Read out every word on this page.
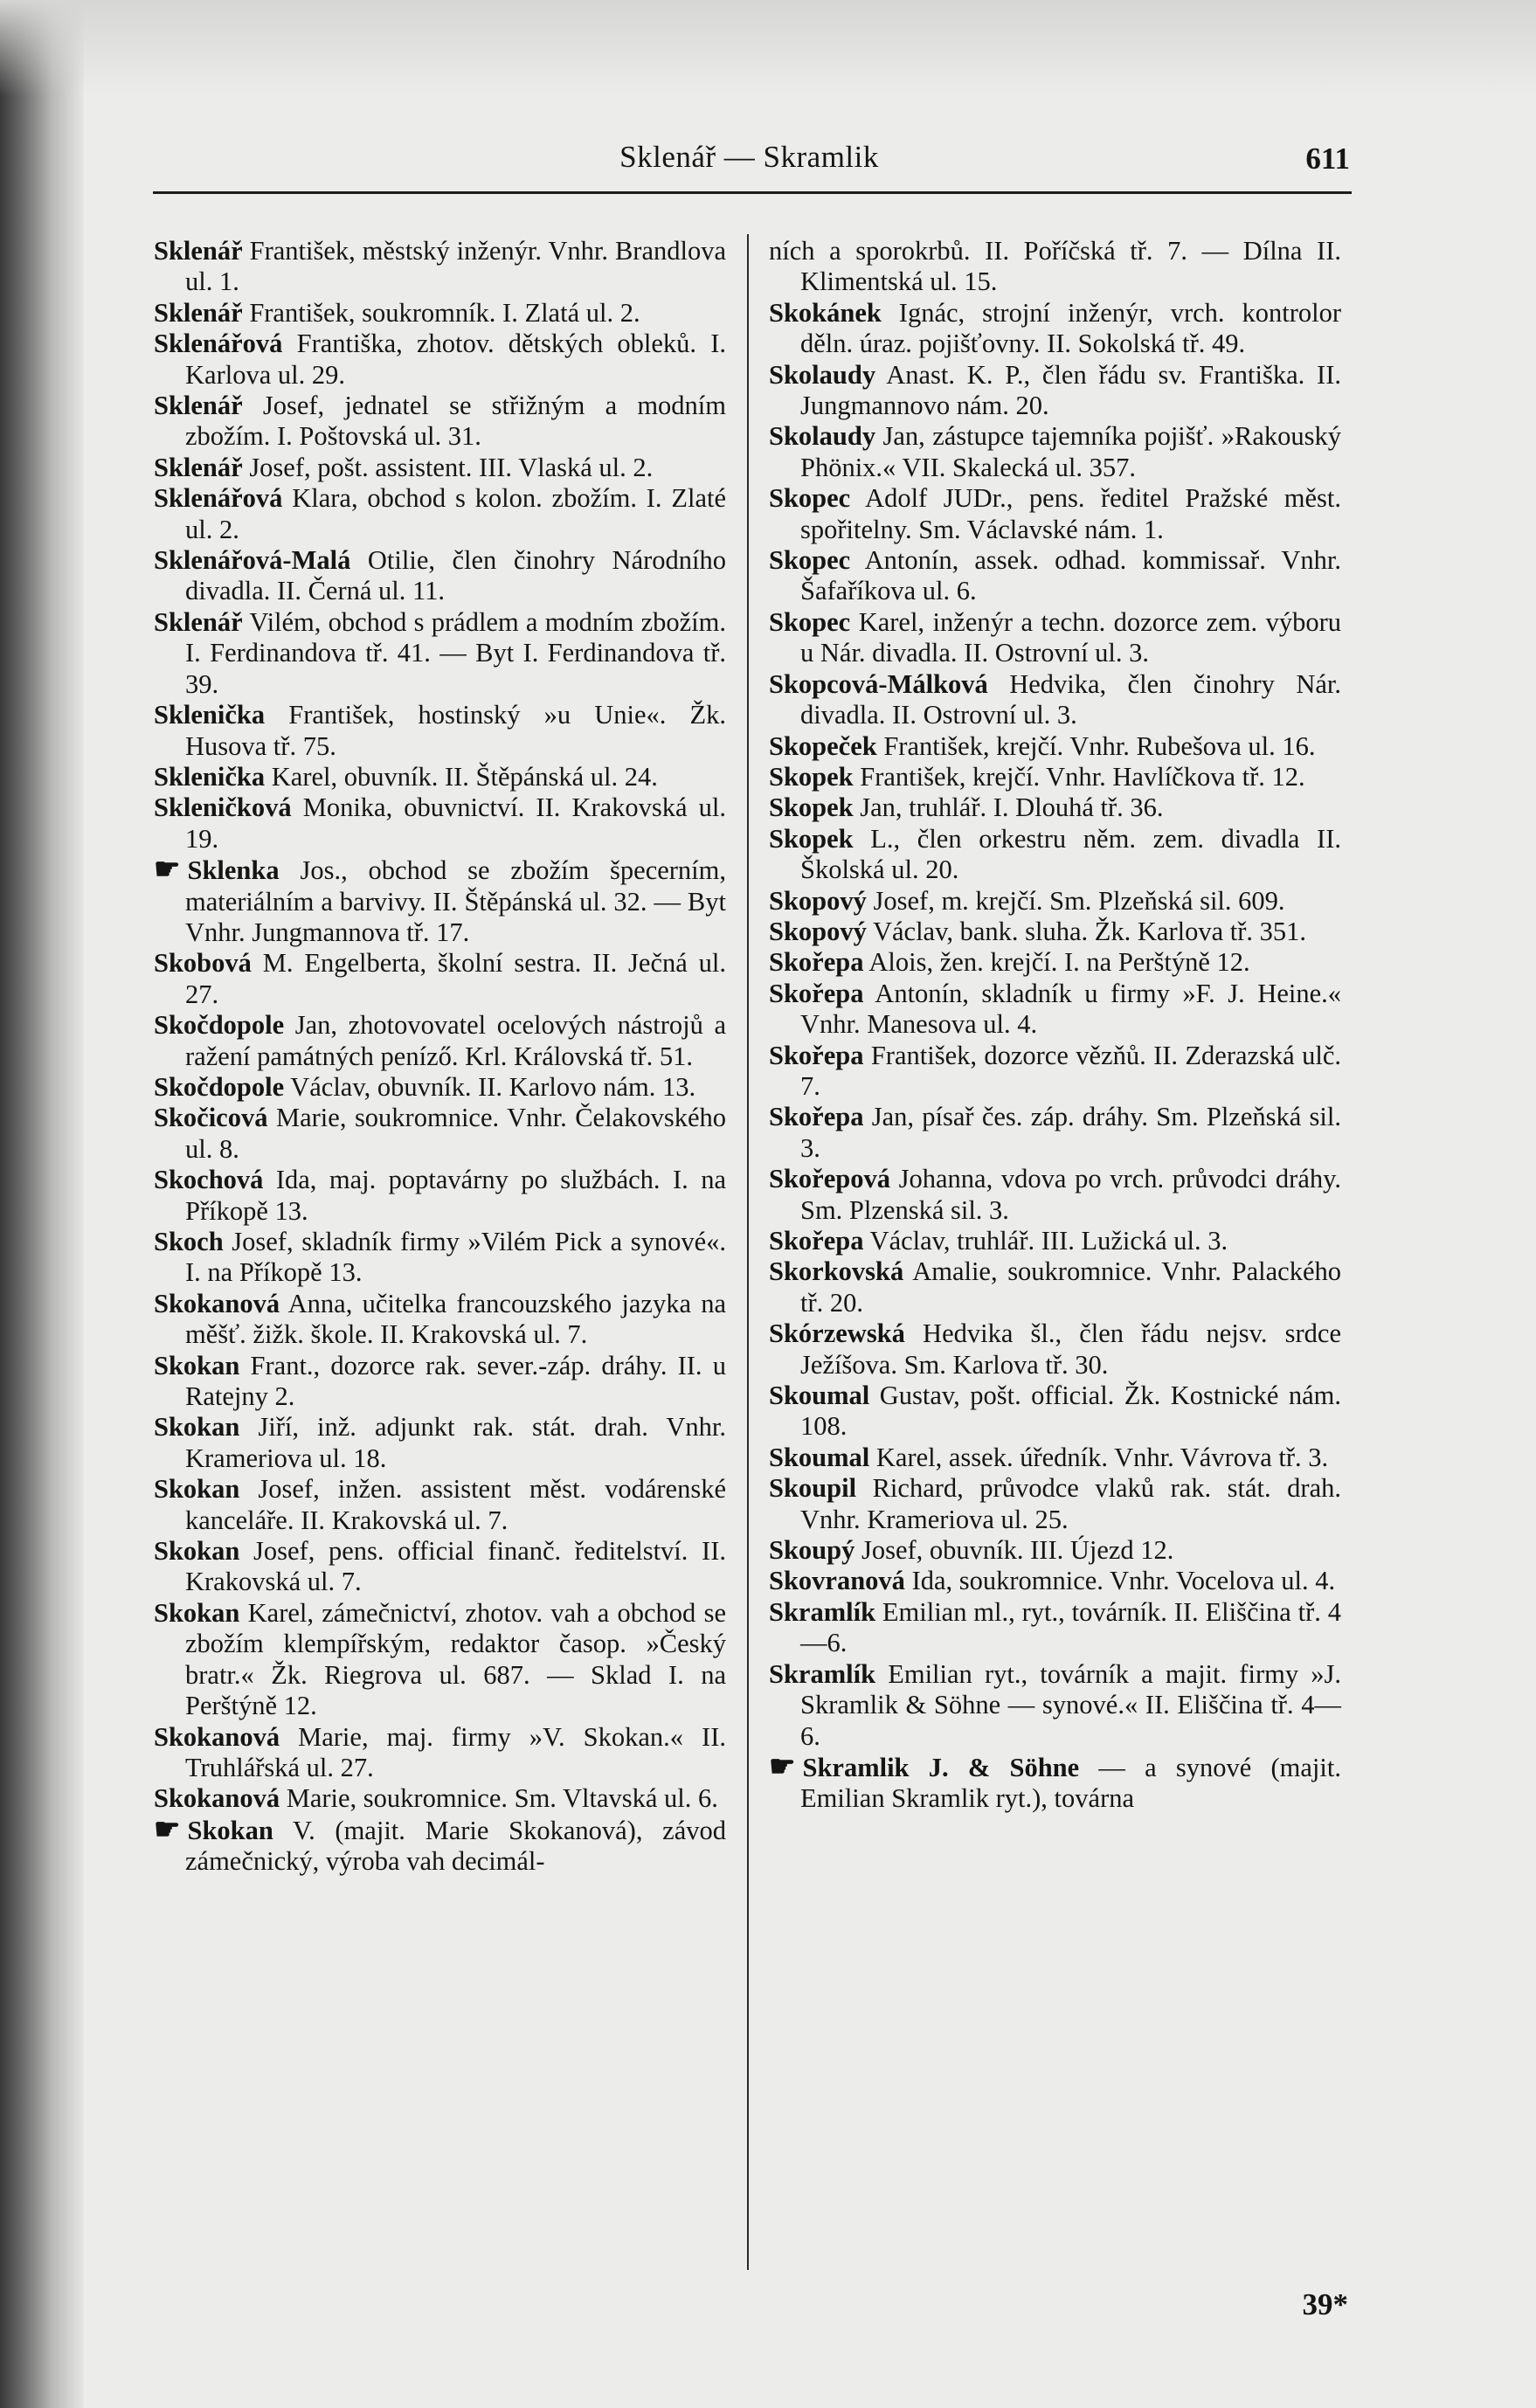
Sklenář — Skramlik	611

Sklenář František, městský inženýr. Vnhr. Brandlova ul. 1.

Sklenář František, soukromník. I. Zlatá ul. 2.

Sklenářová Františka, zhotov. dětských obleků. I. Karlova ul. 29.

Sklenář Josef, jednatel se střižným a modním zbožím. I. Poštovská ul. 31.

Sklenář Josef, pošt. assistent. III. Vlaská ul. 2.

Sklenářová Klara, obchod s kolon. zbožím. I. Zlaté ul. 2.

Sklenářová-Malá Otilie, člen činohry Národního divadla. II. Černá ul. 11.

Sklenář Vilém, obchod s prádlem a modním zbožím. I. Ferdinandova tř. 41. — Byt I. Ferdinandova tř. 39.

Sklenička František, hostinský »u Unie«. Žk. Husova tř. 75.

Sklenička Karel, obuvník. II. Štěpánská ul. 24.

Skleničková Monika, obuvnictví. II. Krakovská ul. 19.

☛ Sklenka Jos., obchod se zbožím špecerním, materiálním a barvivy. II. Štěpánská ul. 32. — Byt Vnhr. Jungmannova tř. 17.

Skobová M. Engelberta, školní sestra. II. Ječná ul. 27.

Skočdopole Jan, zhotovovatel ocelových nástrojů a ražení památných peníző. Krl. Královská tř. 51.

Skočdopole Václav, obuvník. II. Karlovo nám. 13.

Skočicová Marie, soukromnice. Vnhr. Čelakovského ul. 8.

Skochová Ida, maj. poptavárny po službách. I. na Příkopě 13.

Skoch Josef, skladník firmy »Vilém Pick a synové«. I. na Příkopě 13.

Skokanová Anna, učitelka francouzského jazyka na měšť. žižk. škole. II. Krakovská ul. 7.

Skokan Frant., dozorce rak. sever.-záp. dráhy. II. u Ratejny 2.

Skokan Jiří, inž. adjunkt rak. stát. drah. Vnhr. Krameriova ul. 18.

Skokan Josef, inžen. assistent měst. vodárenské kanceláře. II. Krakovská ul. 7.

Skokan Josef, pens. official finanč. ředitelství. II. Krakovská ul. 7.

Skokan Karel, zámečnictví, zhotov. vah a obchod se zbožím klempířským, redaktor časop. »Český bratr.« Žk. Riegrova ul. 687. — Sklad I. na Perštýně 12.

Skokanová Marie, maj. firmy »V. Skokan.« II. Truhlářská ul. 27.

Skokanová Marie, soukromnice. Sm. Vltavská ul. 6.

☛ Skokan V. (majit. Marie Skokanová), závod zámečnický, výroba vah decimál-

ních a sporokrbů. II. Poříčská tř. 7. — Dílna II. Klimentská ul. 15.

Skokánek Ignác, strojní inženýr, vrch. kontrolor děln. úraz. pojišťovny. II. Sokolská tř. 49.

Skolaudy Anast. K. P., člen řádu sv. Františka. II. Jungmannovo nám. 20.

Skolaudy Jan, zástupce tajemníka pojišť. »Rakouský Phönix.« VII. Skalecká ul. 357.

Skopec Adolf JUDr., pens. ředitel Pražské měst. spořitelny. Sm. Václavské nám. 1.

Skopec Antonín, assek. odhad. kommissař. Vnhr. Šafaříkova ul. 6.

Skopec Karel, inženýr a techn. dozorce zem. výboru u Nár. divadla. II. Ostrovní ul. 3.

Skopcová-Málková Hedvika, člen činohry Nár. divadla. II. Ostrovní ul. 3.

Skopeček František, krejčí. Vnhr. Rubešova ul. 16.

Skopek František, krejčí. Vnhr. Havlíčkova tř. 12.

Skopek Jan, truhlář. I. Dlouhá tř. 36.

Skopek L., člen orkestru něm. zem. divadla II. Školská ul. 20.

Skopový Josef, m. krejčí. Sm. Plzeňská sil. 609.

Skopový Václav, bank. sluha. Žk. Karlova tř. 351.

Skořepa Alois, žen. krejčí. I. na Perštýně 12.

Skořepa Antonín, skladník u firmy »F. J. Heine.« Vnhr. Manesova ul. 4.

Skořepa František, dozorce vězňů. II. Zderazská ulč. 7.

Skořepa Jan, písař čes. záp. dráhy. Sm. Plzeňská sil. 3.

Skořepová Johanna, vdova po vrch. průvodci dráhy. Sm. Plzenská sil. 3.

Skořepa Václav, truhlář. III. Lužická ul. 3.

Skorkovská Amalie, soukromnice. Vnhr. Palackého tř. 20.

Skórzewská Hedvika šl., člen řádu nejsv. srdce Ježíšova. Sm. Karlova tř. 30.

Skoumal Gustav, pošt. official. Žk. Kostnické nám. 108.

Skoumal Karel, assek. úředník. Vnhr. Vávrova tř. 3.

Skoupil Richard, průvodce vlaků rak. stát. drah. Vnhr. Krameriova ul. 25.

Skoupý Josef, obuvník. III. Újezd 12.

Skovranová Ida, soukromnice. Vnhr. Vocelova ul. 4.

Skramlík Emilian ml., ryt., továrník. II. Eliščina tř. 4—6.

Skramlík Emilian ryt., továrník a majit. firmy »J. Skramlik & Söhne — synové.« II. Eliščina tř. 4—6.

☛ Skramlik J. & Söhne — a synové (majit. Emilian Skramlik ryt.), továrna

39*
